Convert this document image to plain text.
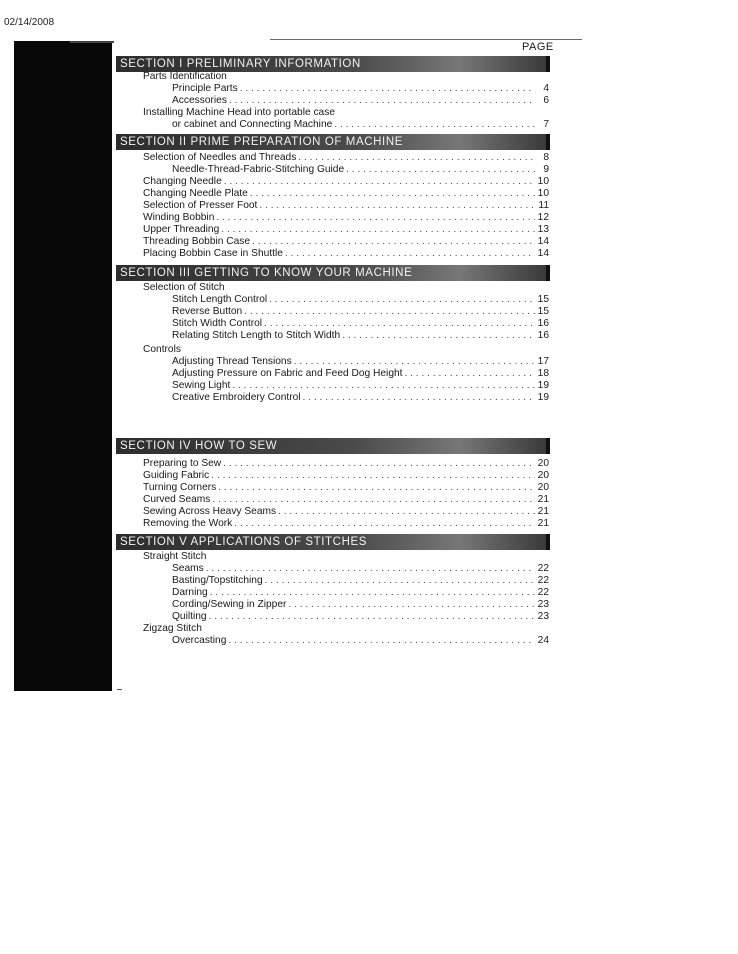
02/14/2008
PAGE
SECTION I PRELIMINARY INFORMATION
Parts Identification
Principle Parts . . .	4
Accessories . . .	6
Installing Machine Head into portable case
or cabinet and Connecting Machine . . .	7
SECTION II PRIME PREPARATION OF MACHINE
Selection of Needles and Threads . . .	8
Needle-Thread-Fabric-Stitching Guide . . .	9
Changing Needle . . .	10
Changing Needle Plate . . .	10
Selection of Presser Foot . . .	11
Winding Bobbin . . .	12
Upper Threading . . .	13
Threading Bobbin Case . . .	14
Placing Bobbin Case in Shuttle . . .	14
SECTION III GETTING TO KNOW YOUR MACHINE
Selection of Stitch
Stitch Length Control . . .	15
Reverse Button . . .	15
Stitch Width Control . . .	16
Relating Stitch Length to Stitch Width . . .	16
Controls
Adjusting Thread Tensions . . .	17
Adjusting Pressure on Fabric and Feed Dog Height . . .	18
Sewing Light . . .	19
Creative Embroidery Control . . .	19
SECTION IV HOW TO SEW
Preparing to Sew . . .	20
Guiding Fabric . . .	20
Turning Corners . . .	20
Curved Seams . . .	21
Sewing Across Heavy Seams . . .	21
Removing the Work . . .	21
SECTION V APPLICATIONS OF STITCHES
Straight Stitch
Seams . . .	22
Basting/Topstitching . . .	22
Darning . . .	22
Cording/Sewing in Zipper . . .	23
Quilting . . .	23
Zigzag Stitch
Overcasting . . .	24
